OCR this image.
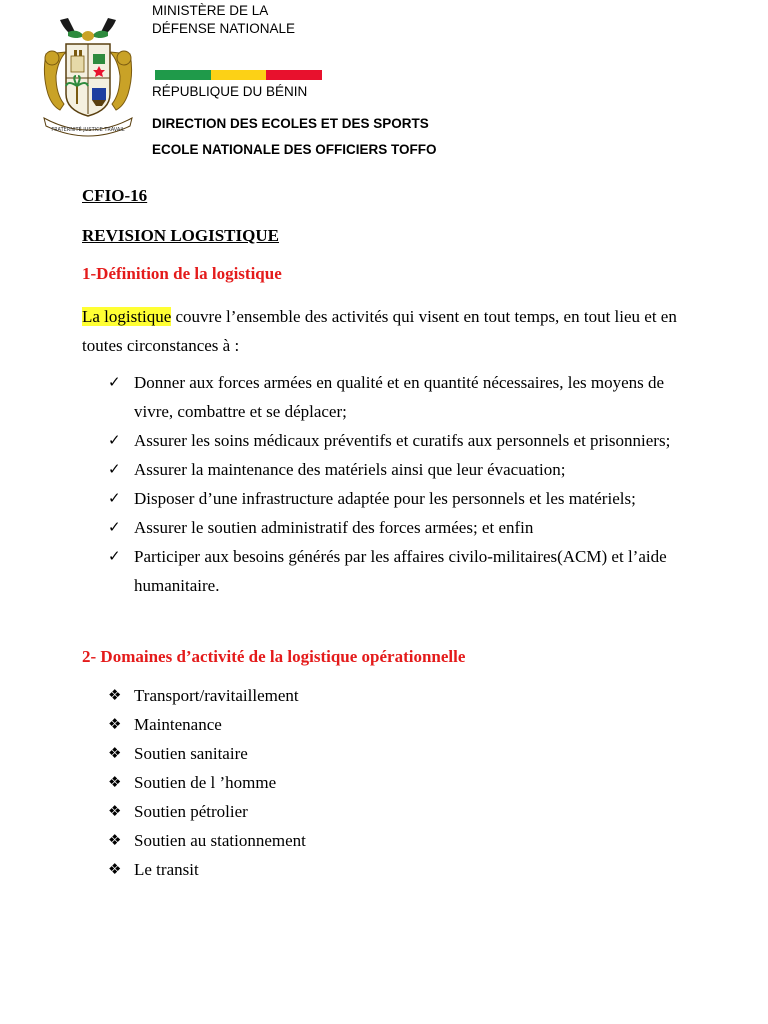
FRATERNITÉ JUSTICE TRAVAIL
MINISTÈRE DE LA
DÉFENSE NATIONALE
RÉPUBLIQUE DU BÉNIN
DIRECTION DES ECOLES ET DES SPORTS
ECOLE NATIONALE DES OFFICIERS TOFFO
CFIO-16
REVISION LOGISTIQUE
1-Définition de la logistique
La logistique couvre l’ensemble des activités qui visent en tout temps, en tout lieu et en toutes circonstances à :
✓ Donner aux forces armées en qualité et en quantité nécessaires, les moyens de vivre, combattre et se déplacer;
✓ Assurer les soins médicaux préventifs et curatifs aux personnels et prisonniers;
✓ Assurer la maintenance des matériels ainsi que leur évacuation;
✓ Disposer d’une infrastructure adaptée pour les personnels et les matériels;
✓ Assurer le soutien administratif des forces armées; et enfin
✓ Participer aux besoins générés par les affaires civilo-militaires(ACM) et l’aide humanitaire.
2- Domaines d’activité de la logistique opérationnelle
❖ Transport/ravitaillement
❖ Maintenance
❖ Soutien sanitaire
❖ Soutien de l ’homme
❖ Soutien pétrolier
❖ Soutien au stationnement
❖ Le transit
